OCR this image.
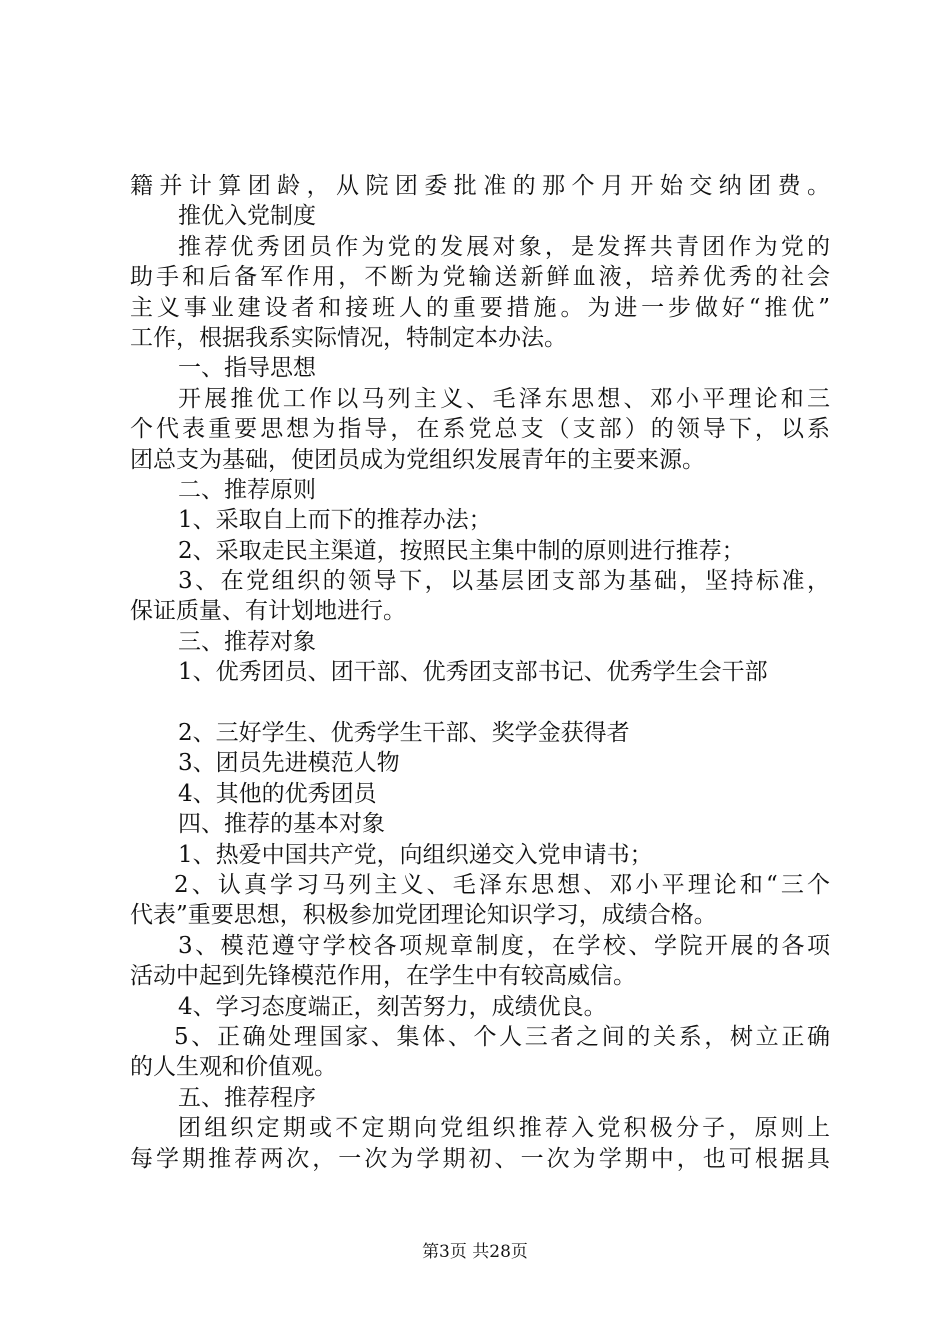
籍并计算团龄，从院团委批准的那个月开始交纳团费。
推优入党制度
推荐优秀团员作为党的发展对象，是发挥共青团作为党的
助手和后备军作用，不断为党输送新鲜血液，培养优秀的社会
主义事业建设者和接班人的重要措施。为进一步做好“推优”
工作，根据我系实际情况，特制定本办法。
一、指导思想
开展推优工作以马列主义、毛泽东思想、邓小平理论和三
个代表重要思想为指导，在系党总支（支部）的领导下，以系
团总支为基础，使团员成为党组织发展青年的主要来源。
二、推荐原则
1、采取自上而下的推荐办法；
2、采取走民主渠道，按照民主集中制的原则进行推荐；
3、在党组织的领导下，以基层团支部为基础，坚持标准，
保证质量、有计划地进行。
三、推荐对象
1、优秀团员、团干部、优秀团支部书记、优秀学生会干部
2、三好学生、优秀学生干部、奖学金获得者
3、团员先进模范人物
4、其他的优秀团员
四、推荐的基本对象
1、热爱中国共产党，向组织递交入党申请书；
2、认真学习马列主义、毛泽东思想、邓小平理论和“三个
代表”重要思想，积极参加党团理论知识学习，成绩合格。
3、模范遵守学校各项规章制度，在学校、学院开展的各项
活动中起到先锋模范作用，在学生中有较高威信。
4、学习态度端正，刻苦努力，成绩优良。
5、正确处理国家、集体、个人三者之间的关系，树立正确
的人生观和价值观。
五、推荐程序
团组织定期或不定期向党组织推荐入党积极分子，原则上
每学期推荐两次，一次为学期初、一次为学期中，也可根据具
第3页 共28页
